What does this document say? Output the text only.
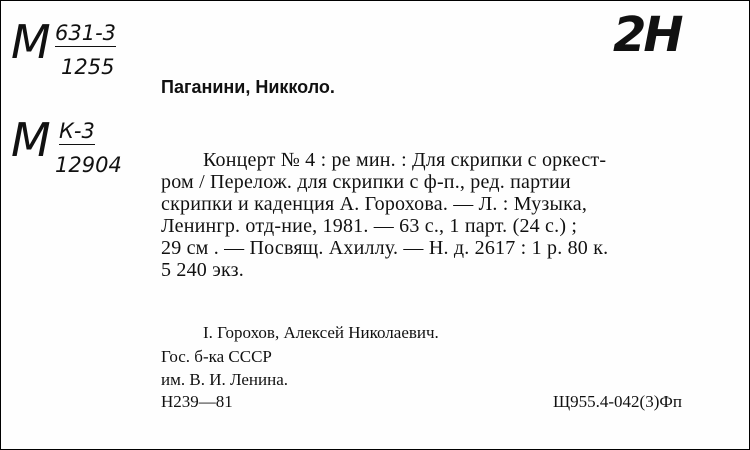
М 631-3
1255
М К-3
12904
2Н
Паганини, Никколо.
Концерт № 4 : ре мин. : Для скрипки с оркест-
ром / Перелож. для скрипки с ф-п., ред. партии
скрипки и каденция А. Горохова. — Л. : Музыка,
Ленингр. отд-ние, 1981. — 63 с., 1 парт. (24 с.) ;
29 см . — Посвящ. Ахиллу. — Н. д. 2617 : 1 р. 80 к.
5 240 экз.
I. Горохов, Алексей Николаевич.
Гос. б-ка СССР
им. В. И. Ленина.
Н239—81	Щ955.4-042(3)Фп
